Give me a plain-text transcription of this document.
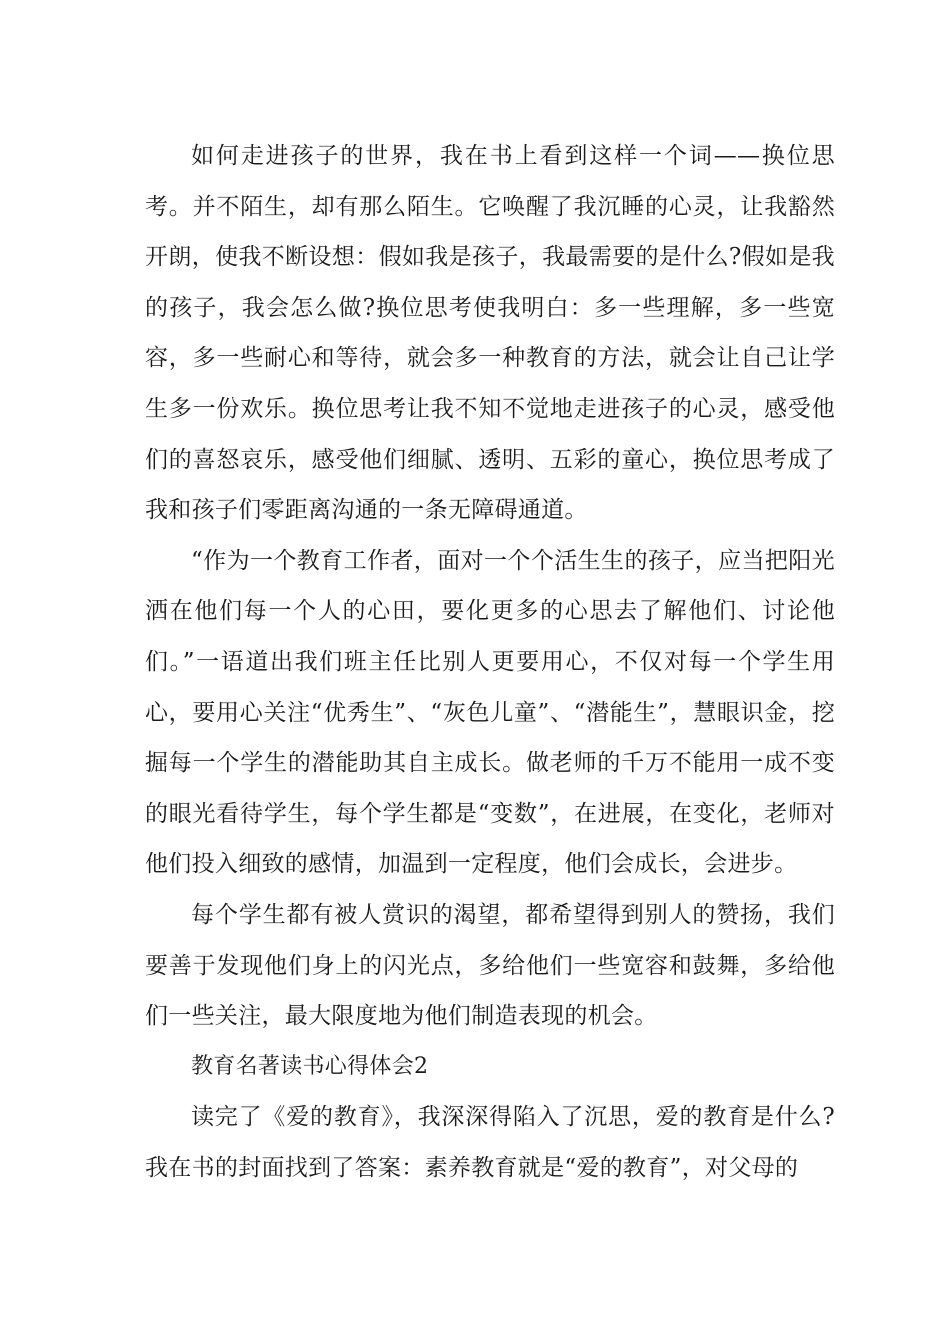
如何走进孩子的世界，我在书上看到这样一个词——换位思考。并不陌生，却有那么陌生。它唤醒了我沉睡的心灵，让我豁然开朗，使我不断设想：假如我是孩子，我最需要的是什么?假如是我的孩子，我会怎么做?换位思考使我明白：多一些理解，多一些宽容，多一些耐心和等待，就会多一种教育的方法，就会让自己让学生多一份欢乐。换位思考让我不知不觉地走进孩子的心灵，感受他们的喜怒哀乐，感受他们细腻、透明、五彩的童心，换位思考成了我和孩子们零距离沟通的一条无障碍通道。

“作为一个教育工作者，面对一个个活生生的孩子，应当把阳光洒在他们每一个人的心田，要化更多的心思去了解他们、讨论他们。”一语道出我们班主任比别人更要用心，不仅对每一个学生用心，要用心关注“优秀生”、“灰色儿童”、“潜能生”，慧眼识金，挖掘每一个学生的潜能助其自主成长。做老师的千万不能用一成不变的眼光看待学生，每个学生都是“变数”，在进展，在变化，老师对他们投入细致的感情，加温到一定程度，他们会成长，会进步。

每个学生都有被人赏识的渴望，都希望得到别人的赞扬，我们要善于发现他们身上的闪光点，多给他们一些宽容和鼓舞，多给他们一些关注，最大限度地为他们制造表现的机会。

教育名著读书心得体会2

读完了《爱的教育》，我深深得陷入了沉思，爱的教育是什么?我在书的封面找到了答案：素养教育就是“爱的教育”，对父母的
